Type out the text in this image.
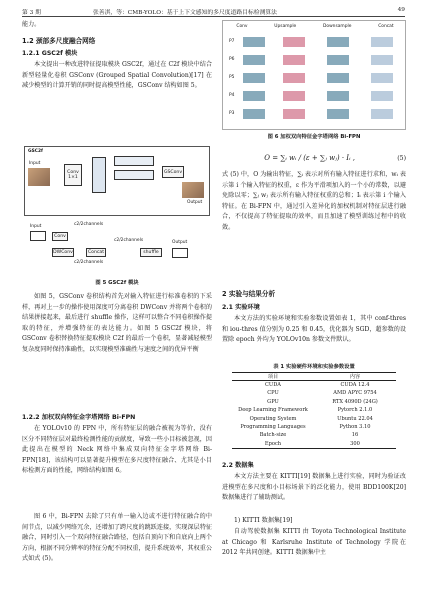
第 3 期	张善淇，等：CMB-YOLO：基于上下文感知的多尺度道路目标检测算法	49
能力。
1.2 颈部多尺度融合网络
1.2.1 GSC2f 模块
本文提出一种改进特征提取模块 GSC2f，通过在 C2f 模块中结合新型轻量化卷积 GSConv (Grouped Spatial Convolution)[17] 在减少模型的计算开销的同时提高模型性能，GSConv 结构如图 5。
GSC2f
Input
Conv
1×1
GSConv
Output
Input	c2/2channels
Conv
DWConv	Concat
c2/2channels
shuffle
Output
c2/2channels
图 5 GSC2f 模块
如图 5，GSConv 卷积结构首先对输入特征进行标准卷积的下采样，再对上一步的操作使用深度可分离卷积 DWConv 并将两个卷积的结果拼接起来，最后进行 shuffle 操作，这样可以整合不同卷积操作提取的特征，并增强特征的表达能力。如图 5 GSC2f 模块，将 GSConv 卷积替换特征提取模块 C2f 的最后一个卷积，显著减轻模型复杂度同时保持准确性，以实现模型准确性与速度之间的优异平衡
1.2.2 加权双向特征金字塔网络 Bi-FPN
在 YOLOv10 的 FPN 中，所有特征层的融合被视为等价，没有区分不同特征层对最终检测性能的贡献度，导致一些小目标被忽视，因此提出在模型的 Neck 网络中集成双向特征金字塔网络 Bi-FPN[18]，该结构可以显著提升模型在多尺度特征融合、尤其是小目标检测方面的性能，网络结构如图 6。
图 6 中，Bi-FPN 去除了只有单一输入边或不进行特征融合的中间节点，以减少网络冗余，还增加了跨尺度的跳跃连接，实现深层特征融合，同时引入一个双向特征融合路径，包括自顶向下和自底向上两个方向，根据不同分辨率的特征分配不同权重，提升系统效率，其权重公式如式 (5)。
Conv	Upsample	Downsample	Concat
P7
P6
P5
P4
P3
图 6 加权双向特征金字塔网络 Bi-FPN
O = ∑ᵢ wᵢ / (ε + ∑ⱼ wⱼ) · Iᵢ ,	(5)
式 (5) 中，O 为输出特征，∑ᵢ 表示对所有输入特征进行求和，wᵢ 表示第 i 个输入特征的权重，ε 作为平滑项加入的一个小的常数，以避免除以零；∑ⱼ wⱼ 表示所有输入特征权重的总和；Iᵢ 表示第 i 个输入特征。在 Bi-FPN 中，通过引入差异化的加权机制对特征层进行融合，不仅提高了特征提取的效率，而且加速了模型训练过程中的收敛。
2 实验与结果分析
2.1 实验环境
本文方法的实验环境和实验参数设置如表 1，其中 conf-thres 和 iou-thres 值分别为 0.25 和 0.45，优化器为 SGD，超参数的设置除 epoch 外均为 YOLOv10n 参数文件默认。
表 1 实验硬件环境和实验参数设置
项目	内容
CUDA	CUDA 12.4
CPU	AMD APYC 9754
GPU	RTX 4090D (24G)
Deep Learning Framework	Pytorch 2.1.0
Operating System	Ubuntu 22.04
Programming Languages	Python 3.10
Batch-size	16
Epoch	300
2.2 数据集
本文方法主要在 KITTI[19] 数据集上进行实验，同时为验证改进模型在多尺度和小目标场景下的泛化能力，使用 BDD100K[20] 数据集进行了辅助测试。
1) KITTI 数据集[19]
自动驾驶数据集 KITTI 由 Toyota Technological Institute at Chicago 和 Karlsruhe Institute of Technology 学院在 2012 年共同创建。KITTI 数据集中主
